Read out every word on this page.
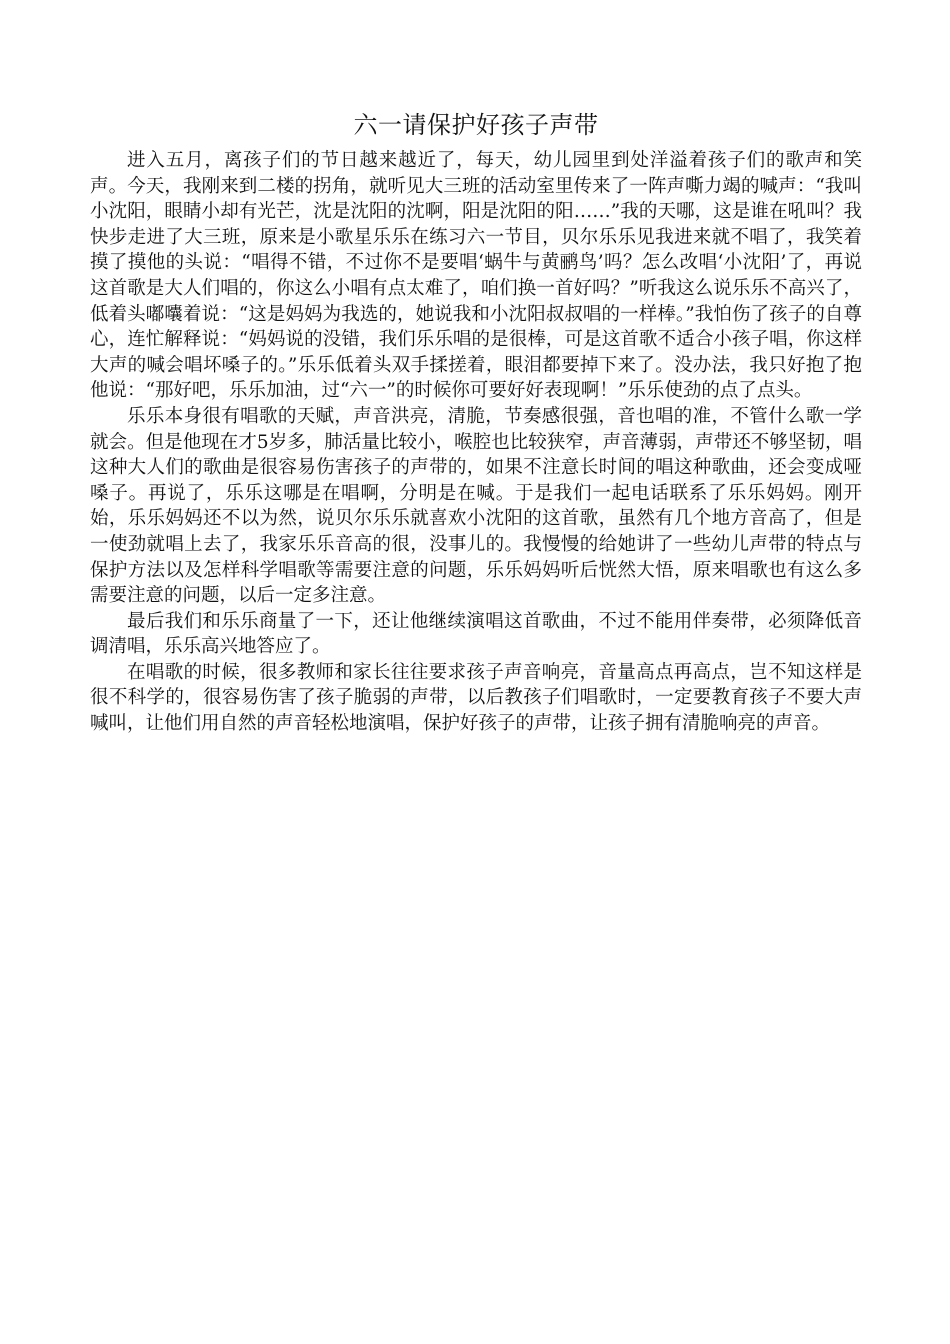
六一请保护好孩子声带

进入五月，离孩子们的节日越来越近了，每天，幼儿园里到处洋溢着孩子们的歌声和笑声。今天，我刚来到二楼的拐角，就听见大三班的活动室里传来了一阵声嘶力竭的喊声：“我叫小沈阳，眼睛小却有光芒，沈是沈阳的沈啊，阳是沈阳的阳……”我的天哪，这是谁在吼叫？我快步走进了大三班，原来是小歌星乐乐在练习六一节目，贝尔乐乐见我进来就不唱了，我笑着摸了摸他的头说：“唱得不错，不过你不是要唱‘蜗牛与黄鹂鸟’吗？怎么改唱‘小沈阳’了，再说这首歌是大人们唱的，你这么小唱有点太难了，咱们换一首好吗？”听我这么说乐乐不高兴了，低着头嘟囔着说：“这是妈妈为我选的，她说我和小沈阳叔叔唱的一样棒。”我怕伤了孩子的自尊心，连忙解释说：“妈妈说的没错，我们乐乐唱的是很棒，可是这首歌不适合小孩子唱，你这样大声的喊会唱坏嗓子的。”乐乐低着头双手揉搓着，眼泪都要掉下来了。没办法，我只好抱了抱他说：“那好吧，乐乐加油，过“六一”的时候你可要好好表现啊！”乐乐使劲的点了点头。

乐乐本身很有唱歌的天赋，声音洪亮，清脆，节奏感很强，音也唱的准，不管什么歌一学就会。但是他现在才5岁多，肺活量比较小，喉腔也比较狭窄，声音薄弱，声带还不够坚韧，唱这种大人们的歌曲是很容易伤害孩子的声带的，如果不注意长时间的唱这种歌曲，还会变成哑嗓子。再说了，乐乐这哪是在唱啊，分明是在喊。于是我们一起电话联系了乐乐妈妈。刚开始，乐乐妈妈还不以为然，说贝尔乐乐就喜欢小沈阳的这首歌，虽然有几个地方音高了，但是一使劲就唱上去了，我家乐乐音高的很，没事儿的。我慢慢的给她讲了一些幼儿声带的特点与保护方法以及怎样科学唱歌等需要注意的问题，乐乐妈妈听后恍然大悟，原来唱歌也有这么多需要注意的问题，以后一定多注意。

最后我们和乐乐商量了一下，还让他继续演唱这首歌曲，不过不能用伴奏带，必须降低音调清唱，乐乐高兴地答应了。

在唱歌的时候，很多教师和家长往往要求孩子声音响亮，音量高点再高点，岂不知这样是很不科学的，很容易伤害了孩子脆弱的声带，以后教孩子们唱歌时，一定要教育孩子不要大声喊叫，让他们用自然的声音轻松地演唱，保护好孩子的声带，让孩子拥有清脆响亮的声音。
